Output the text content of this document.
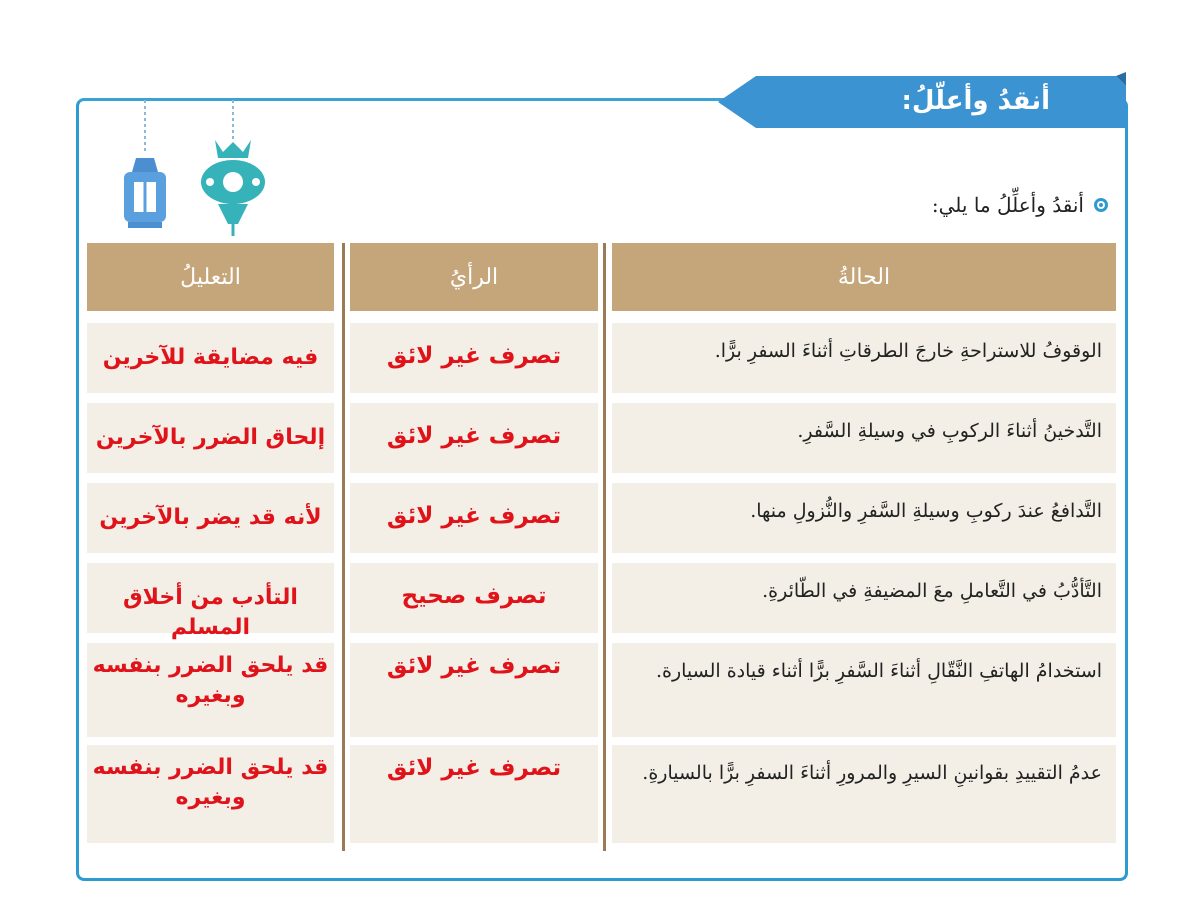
أنقدُ وأعلّلُ:
أنقدُ وأعلِّلُ ما يلي:
الحالةُ
الرأيُ
التعليلُ
الوقوفُ للاستراحةِ خارجَ الطرقاتِ أثناءَ السفرِ برًّا.
تصرف غير لائق
فيه مضايقة للآخرين
التَّدخينُ أثناءَ الركوبِ في وسيلةِ السَّفرِ.
تصرف غير لائق
إلحاق الضرر بالآخرين
التَّدافعُ عندَ ركوبِ وسيلةِ السَّفرِ والنُّزولِ منها.
تصرف غير لائق
لأنه قد يضر بالآخرين
التَّأدُّبُ في التَّعاملِ معَ المضيفةِ في الطّائرةِ.
تصرف صحيح
التأدب من أخلاق المسلم
استخدامُ الهاتفِ النَّقّالِ أثناءَ السَّفرِ برًّا أثناء قيادة السيارة.
تصرف غير لائق
قد يلحق الضرر بنفسه وبغيره
عدمُ التقييدِ بقوانينِ السيرِ والمرورِ أثناءَ السفرِ برًّا بالسيارةِ.
تصرف غير لائق
قد يلحق الضرر بنفسه وبغيره
